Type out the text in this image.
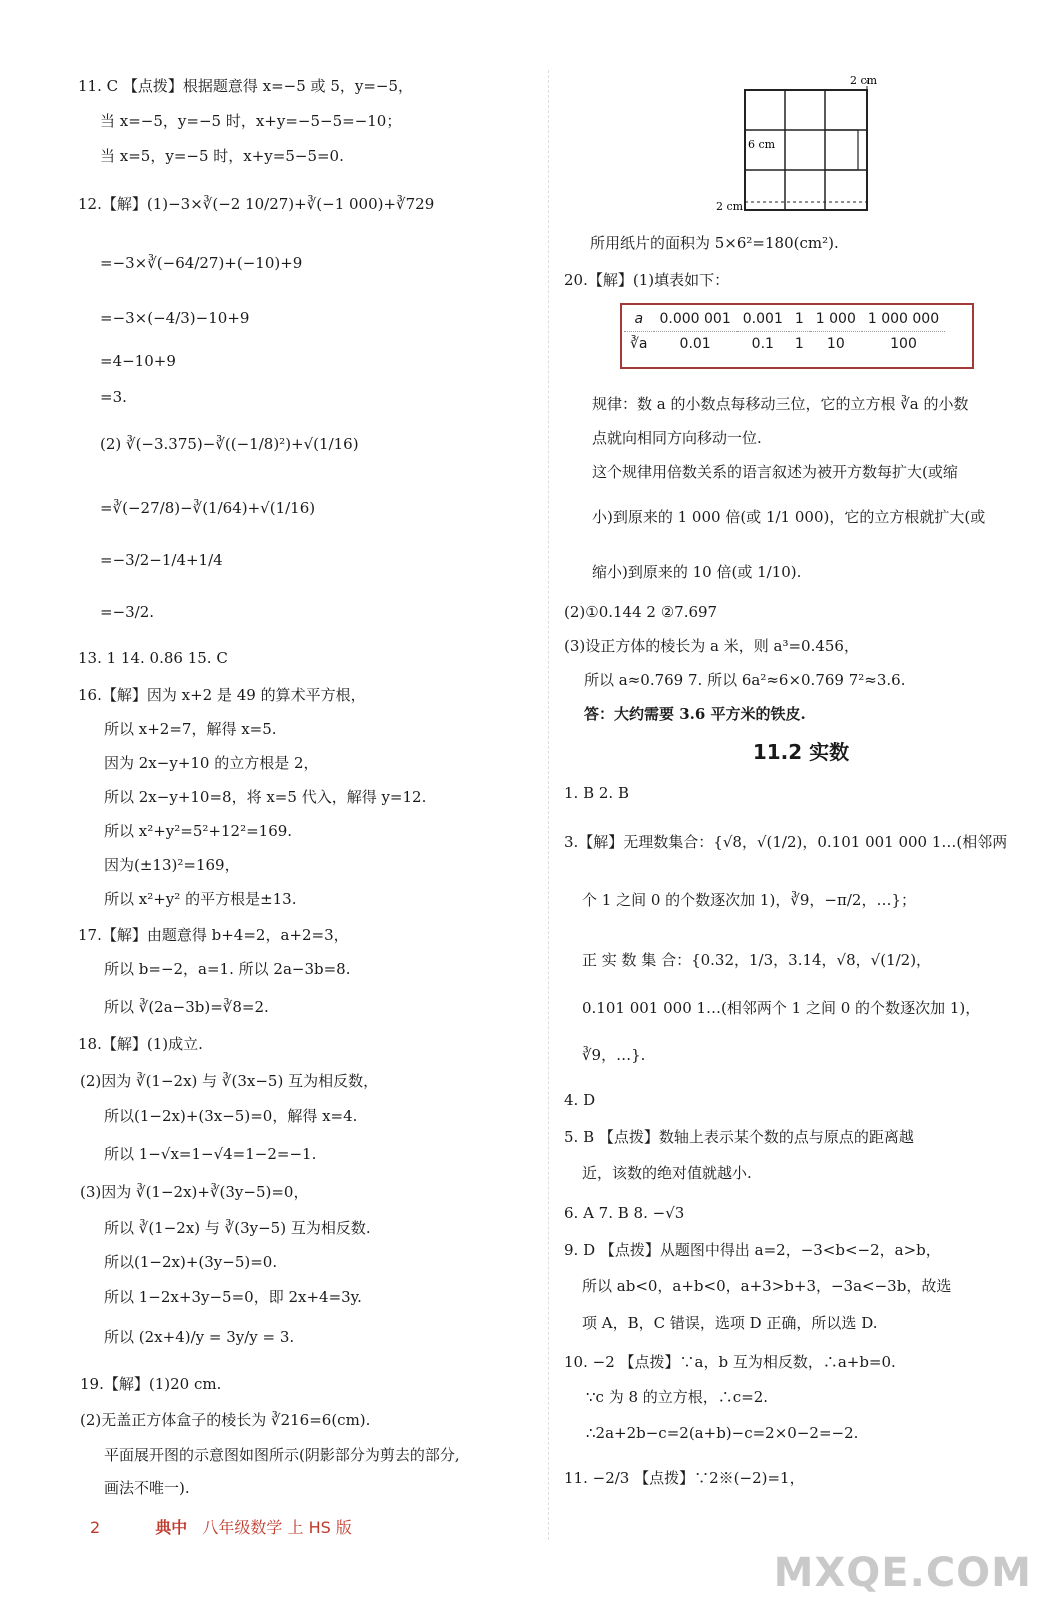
11. C 【点拨】根据题意得 x=−5 或 5，y=−5，
当 x=−5，y=−5 时，x+y=−5−5=−10；
当 x=5，y=−5 时，x+y=5−5=0.
12.【解】(1)−3×∛(−2 10/27)+∛(−1 000)+∛729
=−3×∛(−64/27)+(−10)+9
=−3×(−4/3)−10+9
=4−10+9
=3.
(2) ∛(−3.375)−∛((−1/8)²)+√(1/16)
=∛(−27/8)−∛(1/64)+√(1/16)
=−3/2−1/4+1/4
=−3/2.
13. 1 14. 0.86 15. C
16.【解】因为 x+2 是 49 的算术平方根，
所以 x+2=7，解得 x=5.
因为 2x−y+10 的立方根是 2，
所以 2x−y+10=8，将 x=5 代入，解得 y=12.
所以 x²+y²=5²+12²=169.
因为(±13)²=169，
所以 x²+y² 的平方根是±13.
17.【解】由题意得 b+4=2，a+2=3，
所以 b=−2，a=1. 所以 2a−3b=8.
所以 ∛(2a−3b)=∛8=2.
18.【解】(1)成立.
(2)因为 ∛(1−2x) 与 ∛(3x−5) 互为相反数，
所以(1−2x)+(3x−5)=0，解得 x=4.
所以 1−√x=1−√4=1−2=−1.
(3)因为 ∛(1−2x)+∛(3y−5)=0，
所以 ∛(1−2x) 与 ∛(3y−5) 互为相反数.
所以(1−2x)+(3y−5)=0.
所以 1−2x+3y−5=0，即 2x+4=3y.
所以 (2x+4)/y = 3y/y = 3.
19.【解】(1)20 cm.
(2)无盖正方体盒子的棱长为 ∛216=6(cm).
平面展开图的示意图如图所示(阴影部分为剪去的部分,
画法不唯一).
2 cm
6 cm
2 cm
所用纸片的面积为 5×6²=180(cm²).
20.【解】(1)填表如下：
a	0.000 001	0.001	1	1 000	1 000 000
∛a	0.01	0.1	1	10	100
规律：数 a 的小数点每移动三位，它的立方根 ∛a 的小数
点就向相同方向移动一位.
这个规律用倍数关系的语言叙述为被开方数每扩大(或缩
小)到原来的 1 000 倍(或 1/1 000)，它的立方根就扩大(或
缩小)到原来的 10 倍(或 1/10).
(2)①0.144 2 ②7.697
(3)设正方体的棱长为 a 米，则 a³=0.456，
所以 a≈0.769 7. 所以 6a²≈6×0.769 7²≈3.6.
答：大约需要 3.6 平方米的铁皮.
11.2 实数
1. B 2. B
3.【解】无理数集合：{√8，√(1/2)，0.101 001 000 1…(相邻两
个 1 之间 0 的个数逐次加 1)，∛9，−π/2，…}；
正 实 数 集 合：{0.32，1/3，3.14̇，√8，√(1/2)，
0.101 001 000 1…(相邻两个 1 之间 0 的个数逐次加 1)，
∛9，…}.
4. D
5. B 【点拨】数轴上表示某个数的点与原点的距离越
近，该数的绝对值就越小.
6. A 7. B 8. −√3
9. D 【点拨】从题图中得出 a=2，−3<b<−2，a>b，
所以 ab<0，a+b<0，a+3>b+3，−3a<−3b，故选
项 A，B，C 错误，选项 D 正确，所以选 D.
10. −2 【点拨】∵a，b 互为相反数，∴a+b=0.
∵c 为 8 的立方根，∴c=2.
∴2a+2b−c=2(a+b)−c=2×0−2=−2.
11. −2/3 【点拨】∵2※(−2)=1，
2	典中 八年级数学 上 HS 版
MXQE.COM
